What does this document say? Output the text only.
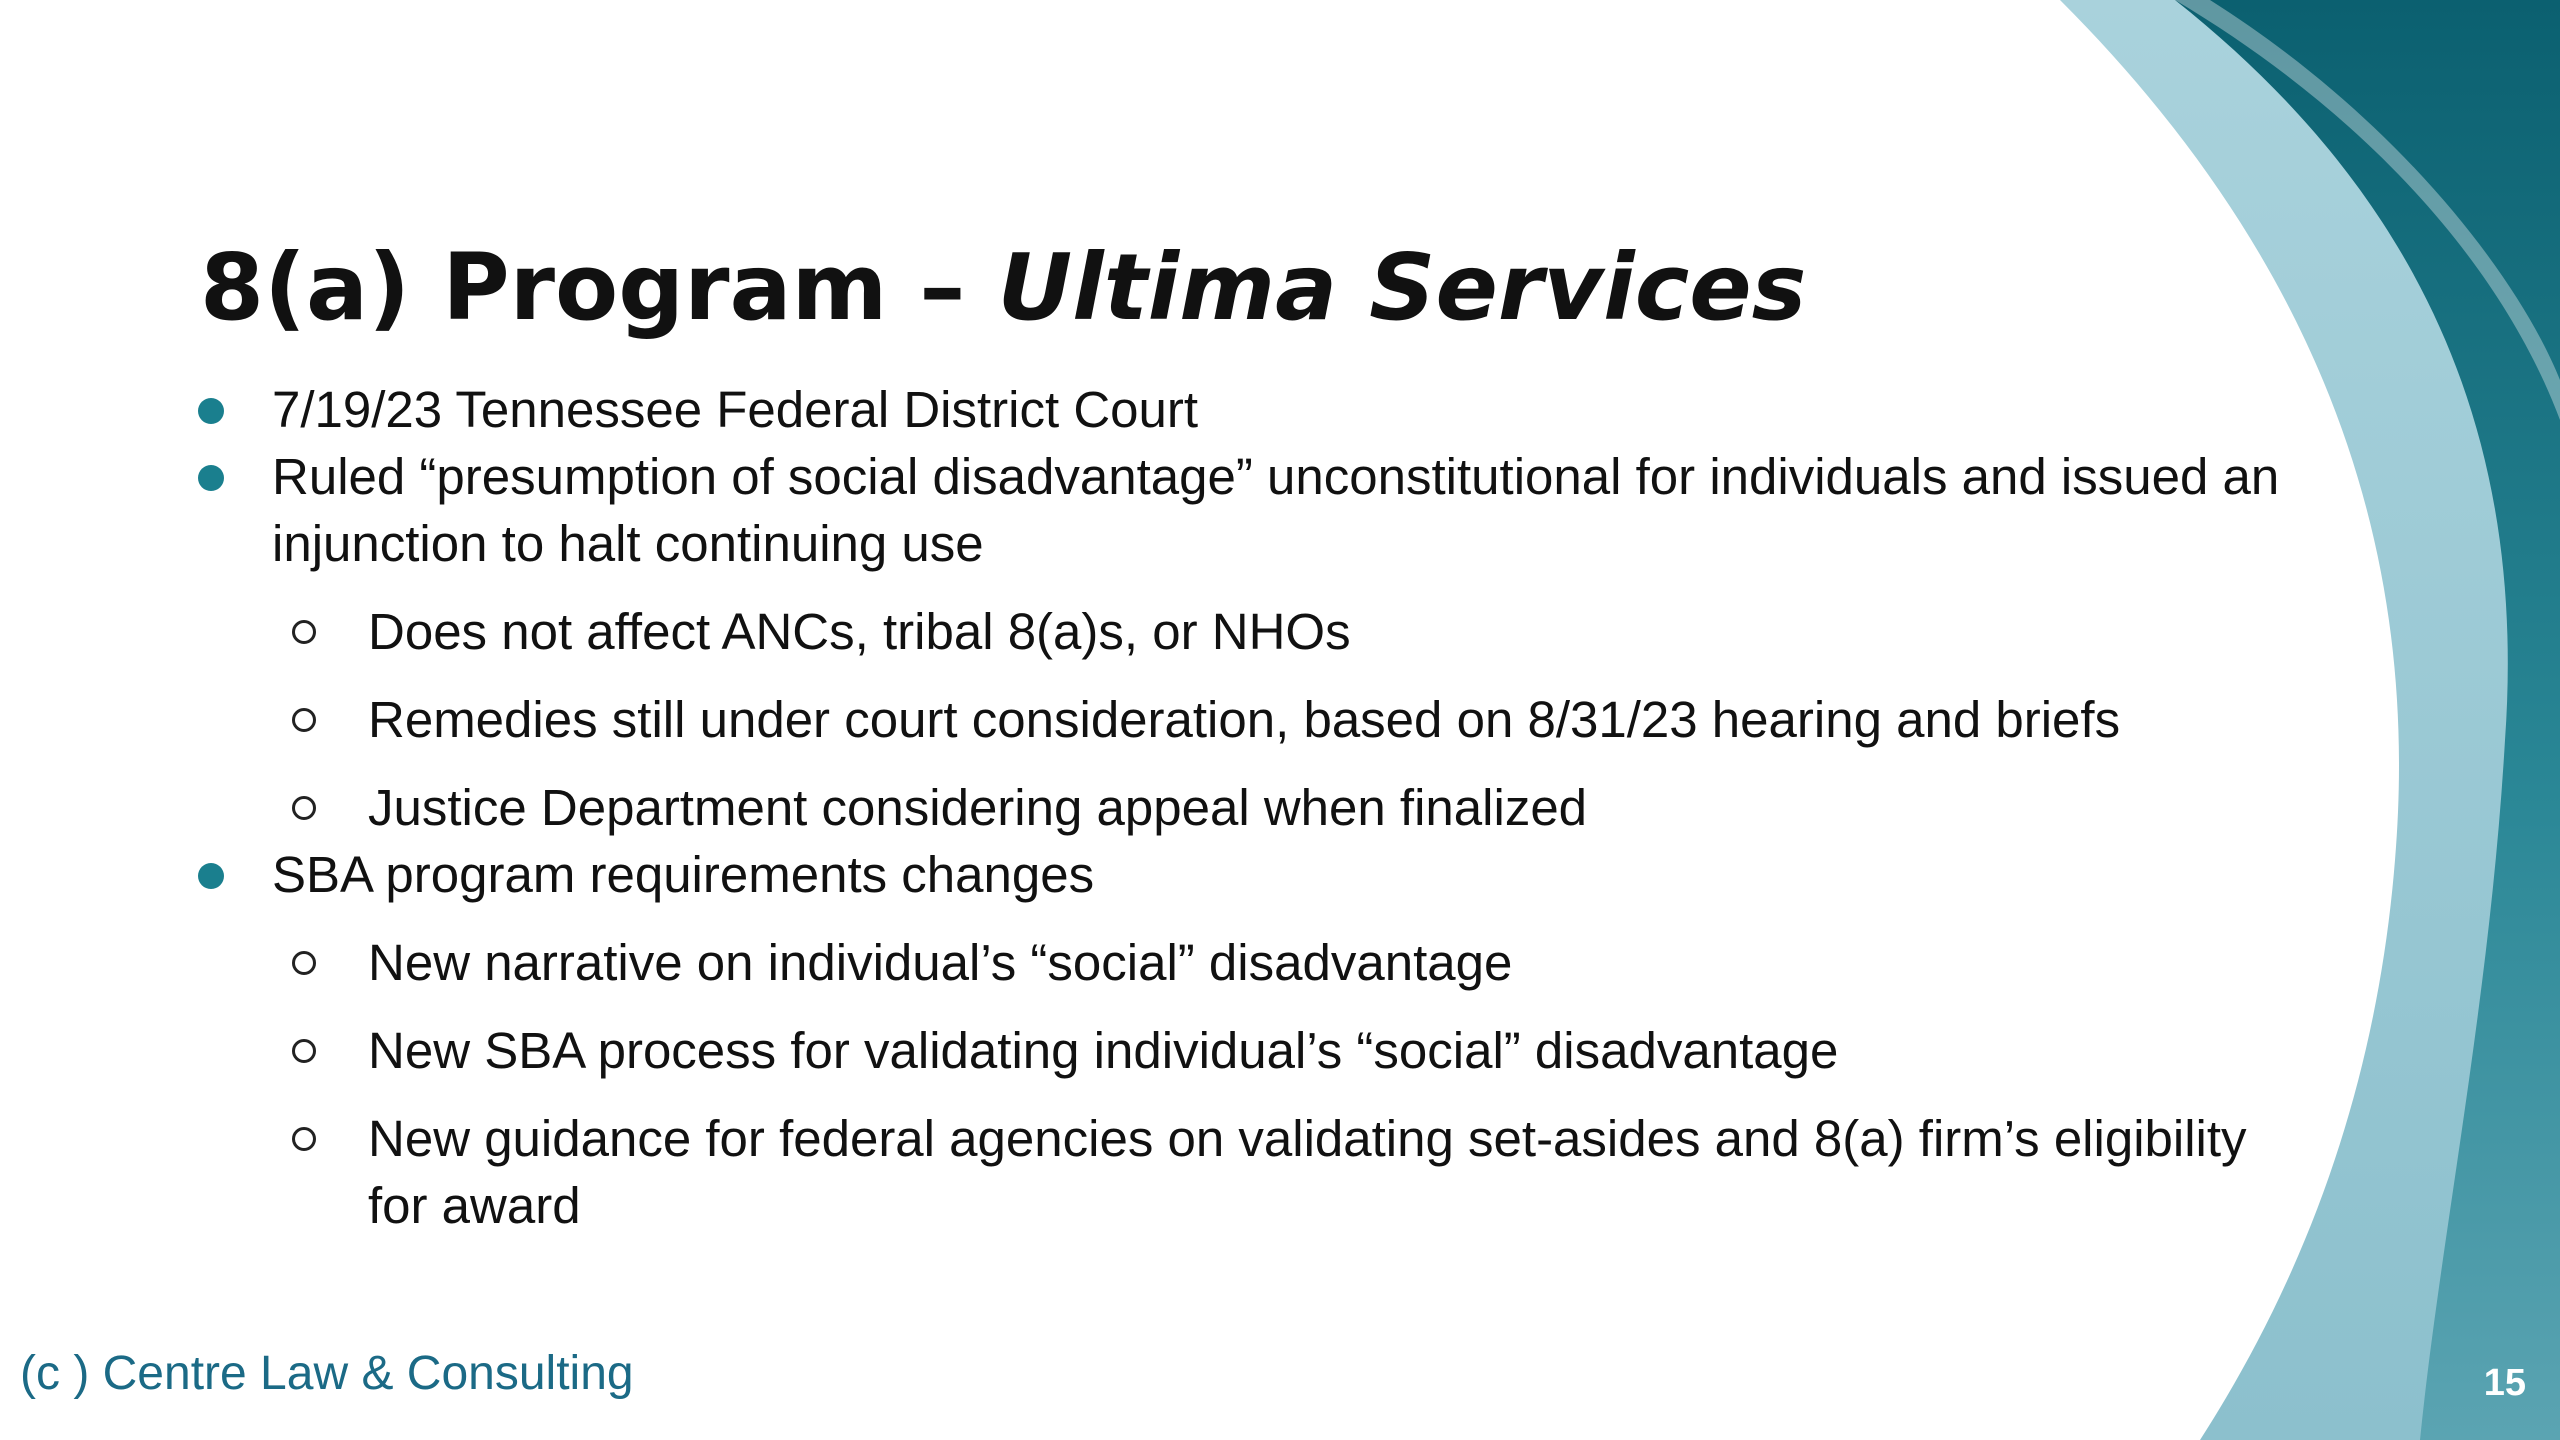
8(a) Program – Ultima Services
7/19/23 Tennessee Federal District Court
Ruled “presumption of social disadvantage” unconstitutional for individuals and issued an injunction to halt continuing use
Does not affect ANCs, tribal 8(a)s, or NHOs
Remedies still under court consideration, based on 8/31/23 hearing and briefs
Justice Department considering appeal when finalized
SBA program requirements changes
New narrative on individual’s “social” disadvantage
New SBA process for validating individual’s “social” disadvantage
New guidance for federal agencies on validating set-asides and 8(a) firm’s eligibility for award
(c ) Centre Law & Consulting	15
